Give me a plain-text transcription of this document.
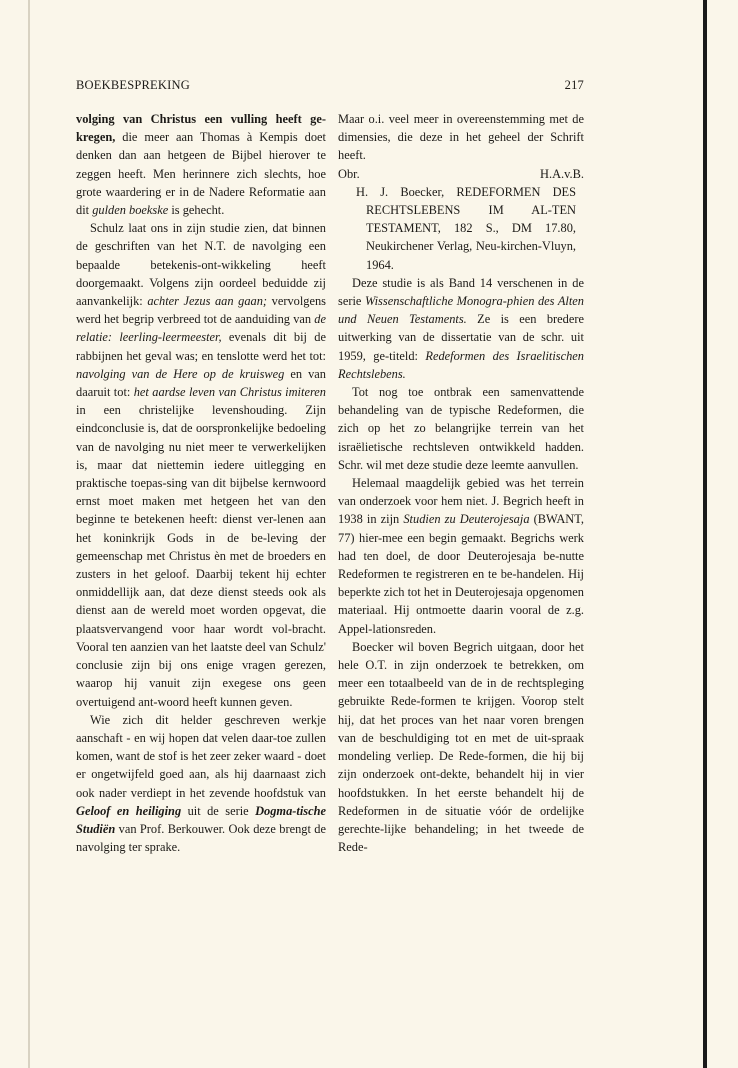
BOEKBESPREKING	217

volging van Christus een vulling heeft ge-kregen, die meer aan Thomas à Kempis doet denken dan aan hetgeen de Bijbel hierover te zeggen heeft. Men herinnere zich slechts, hoe grote waardering er in de Nadere Reformatie aan dit gulden boekske is gehecht.

Schulz laat ons in zijn studie zien, dat binnen de geschriften van het N.T. de navolging een bepaalde betekenis-ont-wikkeling heeft doorgemaakt. Volgens zijn oordeel beduidde zij aanvankelijk: achter Jezus aan gaan; vervolgens werd het begrip verbreed tot de aanduiding van de relatie: leerling-leermeester, evenals dit bij de rabbijnen het geval was; en tenslotte werd het tot: navolging van de Here op de kruisweg en van daaruit tot: het aardse leven van Christus imiteren in een christelijke levenshouding. Zijn eindconclusie is, dat de oorspronkelijke bedoeling van de navolging nu niet meer te verwerkelijken is, maar dat niettemin iedere uitlegging en praktische toepas-sing van dit bijbelse kernwoord ernst moet maken met hetgeen het van den beginne te betekenen heeft: dienst ver-lenen aan het koninkrijk Gods in de be-leving der gemeenschap met Christus èn met de broeders en zusters in het geloof. Daarbij tekent hij echter onmiddellijk aan, dat deze dienst steeds ook als dienst aan de wereld moet worden opgevat, die plaatsvervangend voor haar wordt vol-bracht. Vooral ten aanzien van het laatste deel van Schulz' conclusie zijn bij ons enige vragen gerezen, waarop hij vanuit zijn exegese ons geen overtuigend ant-woord heeft kunnen geven.

Wie zich dit helder geschreven werkje aanschaft - en wij hopen dat velen daar-toe zullen komen, want de stof is het zeer zeker waard - doet er ongetwijfeld goed aan, als hij daarnaast zich ook nader verdiept in het zevende hoofdstuk van Geloof en heiliging uit de serie Dogma-tische Studiën van Prof. Berkouwer. Ook deze brengt de navolging ter sprake.

Maar o.i. veel meer in overeenstemming met de dimensies, die deze in het geheel der Schrift heeft.

Obr.	H.A.v.B.

H. J. Boecker, REDEFORMEN DES RECHTSLEBENS IM AL-TEN TESTAMENT, 182 S., DM 17.80, Neukirchener Verlag, Neu-kirchen-Vluyn, 1964.

Deze studie is als Band 14 verschenen in de serie Wissenschaftliche Monogra-phien des Alten und Neuen Testaments. Ze is een bredere uitwerking van de dissertatie van de schr. uit 1959, ge-titeld: Redeformen des Israelitischen Rechtslebens.

Tot nog toe ontbrak een samenvattende behandeling van de typische Redeformen, die zich op het zo belangrijke terrein van het israëlietische rechtsleven ontwikkeld hadden. Schr. wil met deze studie deze leemte aanvullen.

Helemaal maagdelijk gebied was het terrein van onderzoek voor hem niet. J. Begrich heeft in 1938 in zijn Studien zu Deuterojesaja (BWANT, 77) hier-mee een begin gemaakt. Begrichs werk had ten doel, de door Deuterojesaja be-nutte Redeformen te registreren en te be-handelen. Hij beperkte zich tot het in Deuterojesaja opgenomen materiaal. Hij ontmoette daarin vooral de z.g. Appel-lationsreden.

Boecker wil boven Begrich uitgaan, door het hele O.T. in zijn onderzoek te betrekken, om meer een totaalbeeld van de in de rechtspleging gebruikte Rede-formen te krijgen. Voorop stelt hij, dat het proces van het naar voren brengen van de beschuldiging tot en met de uit-spraak mondeling verliep. De Rede-formen, die hij bij zijn onderzoek ont-dekte, behandelt hij in vier hoofdstukken. In het eerste behandelt hij de Redeformen in de situatie vóór de ordelijke gerechte-lijke behandeling; in het tweede de Rede-
